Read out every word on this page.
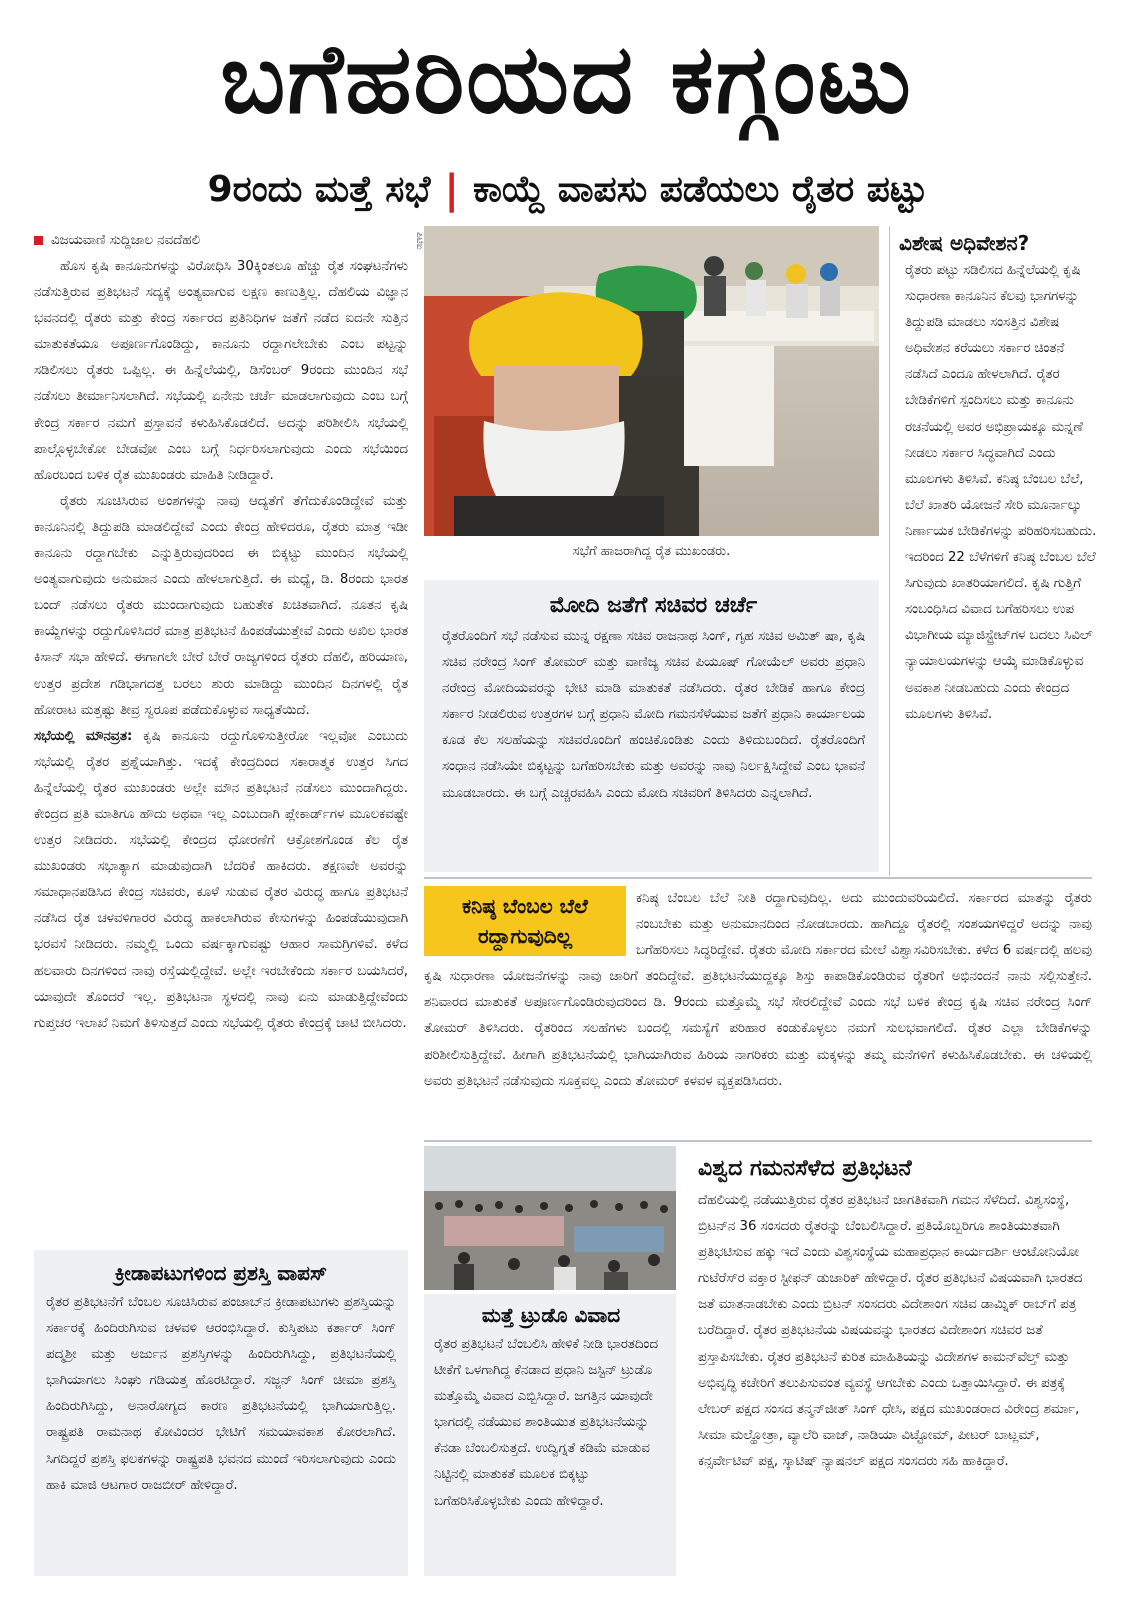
ಬಗೆಹರಿಯದ ಕಗ್ಗಂಟು
9ರಂದು ಮತ್ತೆ ಸಭೆ | ಕಾಯ್ದೆ ವಾಪಸು ಪಡೆಯಲು ರೈತರ ಪಟ್ಟು
ವಿಜಯವಾಣಿ ಸುದ್ದಿಜಾಲ ನವದೆಹಲಿ

ಹೊಸ ಕೃಷಿ ಕಾನೂನುಗಳನ್ನು ವಿರೋಧಿಸಿ 30ಕ್ಕಿಂತಲೂ ಹೆಚ್ಚು ರೈತ ಸಂಘಟನೆಗಳು ನಡೆಸುತ್ತಿರುವ ಪ್ರತಿಭಟನೆ ಸದ್ಯಕ್ಕೆ ಅಂತ್ಯವಾಗುವ ಲಕ್ಷಣ ಕಾಣುತ್ತಿಲ್ಲ. ದೆಹಲಿಯ ವಿಜ್ಞಾನ ಭವನದಲ್ಲಿ ರೈತರು ಮತ್ತು ಕೇಂದ್ರ ಸರ್ಕಾರದ ಪ್ರತಿನಿಧಿಗಳ ಜತೆಗೆ ನಡೆದ ಐದನೇ ಸುತ್ತಿನ ಮಾತುಕತೆಯೂ ಅಪೂರ್ಣಗೊಂಡಿದ್ದು, ಕಾನೂನು ರದ್ದಾಗಲೇಬೇಕು ಎಂಬ ಪಟ್ಟನ್ನು ಸಡಿಲಿಸಲು ರೈತರು ಒಪ್ಪಿಲ್ಲ. ಈ ಹಿನ್ನೆಲೆಯಲ್ಲಿ, ಡಿಸೆಂಬರ್ 9ರಂದು ಮುಂದಿನ ಸಭೆ ನಡೆಸಲು ತೀರ್ಮಾನಿಸಲಾಗಿದೆ. ಸಭೆಯಲ್ಲಿ ಏನೇನು ಚರ್ಚೆ ಮಾಡಲಾಗುವುದು ಎಂಬ ಬಗ್ಗೆ ಕೇಂದ್ರ ಸರ್ಕಾರ ನಮಗೆ ಪ್ರಸ್ತಾವನೆ ಕಳುಹಿಸಿಕೊಡಲಿದೆ. ಅದನ್ನು ಪರಿಶೀಲಿಸಿ ಸಭೆಯಲ್ಲಿ ಪಾಲ್ಗೊಳ್ಳಬೇಕೋ ಬೇಡವೋ ಎಂಬ ಬಗ್ಗೆ ನಿರ್ಧರಿಸಲಾಗುವುದು ಎಂದು ಸಭೆಯಿಂದ ಹೊರಬಂದ ಬಳಿಕ ರೈತ ಮುಖಂಡರು ಮಾಹಿತಿ ನೀಡಿದ್ದಾರೆ.

ರೈತರು ಸೂಚಿಸಿರುವ ಅಂಶಗಳನ್ನು ನಾವು ಆದ್ಯತೆಗೆ ತೆಗೆದುಕೊಂಡಿದ್ದೇವೆ ಮತ್ತು ಕಾನೂನಿನಲ್ಲಿ ತಿದ್ದುಪಡಿ ಮಾಡಲಿದ್ದೇವೆ ಎಂದು ಕೇಂದ್ರ ಹೇಳಿದರೂ, ರೈತರು ಮಾತ್ರ ಇಡೀ ಕಾನೂನು ರದ್ದಾಗಬೇಕು ಎನ್ನುತ್ತಿರುವುದರಿಂದ ಈ ಬಿಕ್ಕಟ್ಟು ಮುಂದಿನ ಸಭೆಯಲ್ಲಿ ಅಂತ್ಯವಾಗುವುದು ಅನುಮಾನ ಎಂದು ಹೇಳಲಾಗುತ್ತಿದೆ. ಈ ಮಧ್ಯೆ, ಡಿ. 8ರಂದು ಭಾರತ ಬಂದ್ ನಡೆಸಲು ರೈತರು ಮುಂದಾಗುವುದು ಬಹುತೇಕ ಖಚಿತವಾಗಿದೆ. ನೂತನ ಕೃಷಿ ಕಾಯ್ದೆಗಳನ್ನು ರದ್ದುಗೊಳಿಸಿದರೆ ಮಾತ್ರ ಪ್ರತಿಭಟನೆ ಹಿಂಪಡೆಯುತ್ತೇವೆ ಎಂದು ಅಖಿಲ ಭಾರತ ಕಿಸಾನ್ ಸಭಾ ಹೇಳಿದೆ. ಈಗಾಗಲೇ ಬೇರೆ ಬೇರೆ ರಾಜ್ಯಗಳಿಂದ ರೈತರು ದೆಹಲಿ, ಹರಿಯಾಣ, ಉತ್ತರ ಪ್ರದೇಶ ಗಡಿಭಾಗದತ್ತ ಬರಲು ಶುರು ಮಾಡಿದ್ದು ಮುಂದಿನ ದಿನಗಳಲ್ಲಿ ರೈತ ಹೋರಾಟ ಮತ್ತಷ್ಟು ತೀವ್ರ ಸ್ವರೂಪ ಪಡೆದುಕೊಳ್ಳುವ ಸಾಧ್ಯತೆಯಿದೆ.

ಸಭೆಯಲ್ಲಿ ಮೌನವ್ರತ: ಕೃಷಿ ಕಾನೂನು ರದ್ದುಗೊಳಿಸುತ್ತೀರೋ ಇಲ್ಲವೋ ಎಂಬುದು ಸಭೆಯಲ್ಲಿ ರೈತರ ಪ್ರಶ್ನೆಯಾಗಿತ್ತು. ಇದಕ್ಕೆ ಕೇಂದ್ರದಿಂದ ಸಕಾರಾತ್ಮಕ ಉತ್ತರ ಸಿಗದ ಹಿನ್ನೆಲೆಯಲ್ಲಿ ರೈತರ ಮುಖಂಡರು ಅಲ್ಲೇ ಮೌನ ಪ್ರತಿಭಟನೆ ನಡೆಸಲು ಮುಂದಾಗಿದ್ದರು. ಕೇಂದ್ರದ ಪ್ರತಿ ಮಾತಿಗೂ ಹೌದು ಅಥವಾ ಇಲ್ಲ ಎಂಬುದಾಗಿ ಪ್ಲೇಕಾರ್ಡ್‌ಗಳ ಮೂಲಕವಷ್ಟೇ ಉತ್ತರ ನೀಡಿದರು. ಸಭೆಯಲ್ಲಿ ಕೇಂದ್ರದ ಧೋರಣೆಗೆ ಆಕ್ರೋಶಗೊಂಡ ಕೆಲ ರೈತ ಮುಖಂಡರು ಸಭಾತ್ಯಾಗ ಮಾಡುವುದಾಗಿ ಬೆದರಿಕೆ ಹಾಕಿದರು. ತಕ್ಷಣವೇ ಅವರನ್ನು ಸಮಾಧಾನಪಡಿಸಿದ ಕೇಂದ್ರ ಸಚಿವರು, ಕೂಳೆ ಸುಡುವ ರೈತರ ವಿರುದ್ಧ ಹಾಗೂ ಪ್ರತಿಭಟನೆ ನಡೆಸಿದ ರೈತ ಚಳವಳಿಗಾರರ ವಿರುದ್ಧ ಹಾಕಲಾಗಿರುವ ಕೇಸುಗಳನ್ನು ಹಿಂಪಡೆಯುವುದಾಗಿ ಭರವಸೆ ನೀಡಿದರು. ನಮ್ಮಲ್ಲಿ ಒಂದು ವರ್ಷಕ್ಕಾಗುವಷ್ಟು ಆಹಾರ ಸಾಮಗ್ರಿಗಳಿವೆ. ಕಳೆದ ಹಲವಾರು ದಿನಗಳಿಂದ ನಾವು ರಸ್ತೆಯಲ್ಲಿದ್ದೇವೆ. ಅಲ್ಲೇ ಇರಬೇಕೆಂದು ಸರ್ಕಾರ ಬಯಸಿದರೆ, ಯಾವುದೇ ತೊಂದರೆ ಇಲ್ಲ. ಪ್ರತಿಭಟನಾ ಸ್ಥಳದಲ್ಲಿ ನಾವು ಏನು ಮಾಡುತ್ತಿದ್ದೇವೆಂದು ಗುಪ್ತಚರ ಇಲಾಖೆ ನಿಮಗೆ ತಿಳಿಸುತ್ತದೆ ಎಂದು ಸಭೆಯಲ್ಲಿ ರೈತರು ಕೇಂದ್ರಕ್ಕೆ ಚಾಟಿ ಬೀಸಿದರು.

ಪಿಟಿಐ
ಸಭೆಗೆ ಹಾಜರಾಗಿದ್ದ ರೈತ ಮುಖಂಡರು.
ಮೋದಿ ಜತೆಗೆ ಸಚಿವರ ಚರ್ಚೆ

ರೈತರೊಂದಿಗೆ ಸಭೆ ನಡೆಸುವ ಮುನ್ನ ರಕ್ಷಣಾ ಸಚಿವ ರಾಜನಾಥ ಸಿಂಗ್, ಗೃಹ ಸಚಿವ ಅಮಿತ್ ಷಾ, ಕೃಷಿ ಸಚಿವ ನರೇಂದ್ರ ಸಿಂಗ್ ತೋಮರ್ ಮತ್ತು ವಾಣಿಜ್ಯ ಸಚಿವ ಪಿಯೂಷ್ ಗೋಯೆಲ್ ಅವರು ಪ್ರಧಾನಿ ನರೇಂದ್ರ ಮೋದಿಯವರನ್ನು ಭೇಟಿ ಮಾಡಿ ಮಾತುಕತೆ ನಡೆಸಿದರು. ರೈತರ ಬೇಡಿಕೆ ಹಾಗೂ ಕೇಂದ್ರ ಸರ್ಕಾರ ನೀಡಲಿರುವ ಉತ್ತರಗಳ ಬಗ್ಗೆ ಪ್ರಧಾನಿ ಮೋದಿ ಗಮನಸೆಳೆಯುವ ಜತೆಗೆ ಪ್ರಧಾನಿ ಕಾರ್ಯಾಲಯ ಕೂಡ ಕೆಲ ಸಲಹೆಯನ್ನು ಸಚಿವರೊಂದಿಗೆ ಹಂಚಿಕೊಂಡಿತು ಎಂದು ತಿಳಿದುಬಂದಿದೆ. ರೈತರೊಂದಿಗೆ ಸಂಧಾನ ನಡೆಸಿಯೇ ಬಿಕ್ಕಟ್ಟನ್ನು ಬಗೆಹರಿಸಬೇಕು ಮತ್ತು ಅವರನ್ನು ನಾವು ನಿರ್ಲಕ್ಷಿಸಿದ್ದೇವೆ ಎಂಬ ಭಾವನೆ ಮೂಡಬಾರದು. ಈ ಬಗ್ಗೆ ಎಚ್ಚರವಹಿಸಿ ಎಂದು ಮೋದಿ ಸಚಿವರಿಗೆ ತಿಳಿಸಿದರು ಎನ್ನಲಾಗಿದೆ.

ವಿಶೇಷ ಅಧಿವೇಶನ?

ರೈತರು ಪಟ್ಟು ಸಡಿಲಿಸದ ಹಿನ್ನೆಲೆಯಲ್ಲಿ ಕೃಷಿ ಸುಧಾರಣಾ ಕಾನೂನಿನ ಕೆಲವು ಭಾಗಗಳನ್ನು ತಿದ್ದುಪಡಿ ಮಾಡಲು ಸಂಸತ್ತಿನ ವಿಶೇಷ ಅಧಿವೇಶನ ಕರೆಯಲು ಸರ್ಕಾರ ಚಿಂತನೆ ನಡೆಸಿದೆ ಎಂದೂ ಹೇಳಲಾಗಿದೆ. ರೈತರ ಬೇಡಿಕೆಗಳಿಗೆ ಸ್ಪಂದಿಸಲು ಮತ್ತು ಕಾನೂನು ರಚನೆಯಲ್ಲಿ ಅವರ ಅಭಿಪ್ರಾಯಕ್ಕೂ ಮನ್ನಣೆ ನೀಡಲು ಸರ್ಕಾರ ಸಿದ್ಧವಾಗಿದೆ ಎಂದು ಮೂಲಗಳು ತಿಳಿಸಿವೆ. ಕನಿಷ್ಠ ಬೆಂಬಲ ಬೆಲೆ, ಬೆಲೆ ಖಾತರಿ ಯೋಜನೆ ಸೇರಿ ಮೂರ್ನಾಲ್ಕು ನಿರ್ಣಾಯಕ ಬೇಡಿಕೆಗಳನ್ನು ಪರಿಹರಿಸಬಹುದು. ಇದರಿಂದ 22 ಬೆಳೆಗಳಿಗೆ ಕನಿಷ್ಠ ಬೆಂಬಲ ಬೆಲೆ ಸಿಗುವುದು ಖಾತರಿಯಾಗಲಿದೆ. ಕೃಷಿ ಗುತ್ತಿಗೆ ಸಂಬಂಧಿಸಿದ ವಿವಾದ ಬಗೆಹರಿಸಲು ಉಪ ವಿಭಾಗೀಯ ಮ್ಯಾಜಿಸ್ಟ್ರೇಟ್‌ಗಳ ಬದಲು ಸಿವಿಲ್ ನ್ಯಾಯಾಲಯಗಳನ್ನು ಆಯ್ಕೆ ಮಾಡಿಕೊಳ್ಳುವ ಅವಕಾಶ ನೀಡಬಹುದು ಎಂದು ಕೇಂದ್ರದ ಮೂಲಗಳು ತಿಳಿಸಿವೆ.

ಕನಿಷ್ಠ ಬೆಂಬಲ ಬೆಲೆ
ರದ್ದಾಗುವುದಿಲ್ಲ

ಕನಿಷ್ಠ ಬೆಂಬಲ ಬೆಲೆ ನೀತಿ ರದ್ದಾಗುವುದಿಲ್ಲ. ಅದು ಮುಂದುವರಿಯಲಿದೆ. ಸರ್ಕಾರದ ಮಾತನ್ನು ರೈತರು ನಂಬಬೇಕು ಮತ್ತು ಅನುಮಾನದಿಂದ ನೋಡಬಾರದು. ಹಾಗಿದ್ದೂ ರೈತರಲ್ಲಿ ಸಂಶಯಗಳಿದ್ದರೆ ಅದನ್ನು ನಾವು ಬಗೆಹರಿಸಲು ಸಿದ್ಧರಿದ್ದೇವೆ. ರೈತರು ಮೋದಿ ಸರ್ಕಾರದ ಮೇಲೆ ವಿಶ್ವಾಸವಿರಿಸಬೇಕು. ಕಳೆದ 6 ವರ್ಷದಲ್ಲಿ ಹಲವು ಕೃಷಿ ಸುಧಾರಣಾ ಯೋಜನೆಗಳನ್ನು ನಾವು ಜಾರಿಗೆ ತಂದಿದ್ದೇವೆ. ಪ್ರತಿಭಟನೆಯುದ್ದಕ್ಕೂ ಶಿಸ್ತು ಕಾಪಾಡಿಕೊಂಡಿರುವ ರೈತರಿಗೆ ಅಭಿನಂದನೆ ನಾನು ಸಲ್ಲಿಸುತ್ತೇನೆ. ಶನಿವಾರದ ಮಾತುಕತೆ ಅಪೂರ್ಣಗೊಂಡಿರುವುದರಿಂದ ಡಿ. 9ರಂದು ಮತ್ತೊಮ್ಮೆ ಸಭೆ ಸೇರಲಿದ್ದೇವೆ ಎಂದು ಸಭೆ ಬಳಿಕ ಕೇಂದ್ರ ಕೃಷಿ ಸಚಿವ ನರೇಂದ್ರ ಸಿಂಗ್ ತೋಮರ್ ತಿಳಿಸಿದರು. ರೈತರಿಂದ ಸಲಹೆಗಳು ಬಂದಲ್ಲಿ ಸಮಸ್ಯೆಗೆ ಪರಿಹಾರ ಕಂಡುಕೊಳ್ಳಲು ನಮಗೆ ಸುಲಭವಾಗಲಿದೆ. ರೈತರ ಎಲ್ಲಾ ಬೇಡಿಕೆಗಳನ್ನು ಪರಿಶೀಲಿಸುತ್ತಿದ್ದೇವೆ. ಹೀಗಾಗಿ ಪ್ರತಿಭಟನೆಯಲ್ಲಿ ಭಾಗಿಯಾಗಿರುವ ಹಿರಿಯ ನಾಗರಿಕರು ಮತ್ತು ಮಕ್ಕಳನ್ನು ತಮ್ಮ ಮನೆಗಳಿಗೆ ಕಳುಹಿಸಿಕೊಡಬೇಕು. ಈ ಚಳಿಯಲ್ಲಿ ಅವರು ಪ್ರತಿಭಟನೆ ನಡೆಸುವುದು ಸೂಕ್ತವಲ್ಲ ಎಂದು ತೋಮರ್ ಕಳವಳ ವ್ಯಕ್ತಪಡಿಸಿದರು.

ಕ್ರೀಡಾಪಟುಗಳಿಂದ ಪ್ರಶಸ್ತಿ ವಾಪಸ್

ರೈತರ ಪ್ರತಿಭಟನೆಗೆ ಬೆಂಬಲ ಸೂಚಿಸಿರುವ ಪಂಜಾಬ್‌ನ ಕ್ರೀಡಾಪಟುಗಳು ಪ್ರಶಸ್ತಿಯನ್ನು ಸರ್ಕಾರಕ್ಕೆ ಹಿಂದಿರುಗಿಸುವ ಚಳವಳಿ ಆರಂಭಿಸಿದ್ದಾರೆ. ಕುಸ್ತಿಪಟು ಕರ್ತಾರ್ ಸಿಂಗ್ ಪದ್ಮಶ್ರೀ ಮತ್ತು ಅರ್ಜುನ ಪ್ರಶಸ್ತಿಗಳನ್ನು ಹಿಂದಿರುಗಿಸಿದ್ದು, ಪ್ರತಿಭಟನೆಯಲ್ಲಿ ಭಾಗಿಯಾಗಲು ಸಿಂಘು ಗಡಿಯತ್ತ ಹೊರಟಿದ್ದಾರೆ. ಸಜ್ಜನ್ ಸಿಂಗ್ ಚೀಮಾ ಪ್ರಶಸ್ತಿ ಹಿಂದಿರುಗಿಸಿದ್ದು, ಅನಾರೋಗ್ಯದ ಕಾರಣ ಪ್ರತಿಭಟನೆಯಲ್ಲಿ ಭಾಗಿಯಾಗುತ್ತಿಲ್ಲ. ರಾಷ್ಟ್ರಪತಿ ರಾಮನಾಥ ಕೋವಿಂದರ ಭೇಟಿಗೆ ಸಮಯಾವಕಾಶ ಕೋರಲಾಗಿದೆ. ಸಿಗದಿದ್ದರೆ ಪ್ರಶಸ್ತಿ ಫಲಕಗಳನ್ನು ರಾಷ್ಟ್ರಪತಿ ಭವನದ ಮುಂದೆ ಇರಿಸಲಾಗುವುದು ಎಂದು ಹಾಕಿ ಮಾಜಿ ಆಟಗಾರ ರಾಜಬೀರ್ ಹೇಳಿದ್ದಾರೆ.

ಮತ್ತೆ ಟ್ರುಡೊ ವಿವಾದ

ರೈತರ ಪ್ರತಿಭಟನೆ ಬೆಂಬಲಿಸಿ ಹೇಳಿಕೆ ನೀಡಿ ಭಾರತದಿಂದ ಟೀಕೆಗೆ ಒಳಗಾಗಿದ್ದ ಕೆನಡಾದ ಪ್ರಧಾನಿ ಜಸ್ಟಿನ್ ಟ್ರುಡೊ ಮತ್ತೊಮ್ಮೆ ವಿವಾದ ಎಬ್ಬಿಸಿದ್ದಾರೆ. ಜಗತ್ತಿನ ಯಾವುದೇ ಭಾಗದಲ್ಲಿ ನಡೆಯುವ ಶಾಂತಿಯುತ ಪ್ರತಿಭಟನೆಯನ್ನು ಕೆನಡಾ ಬೆಂಬಲಿಸುತ್ತದೆ. ಉದ್ವಿಗ್ನತೆ ಕಡಿಮೆ ಮಾಡುವ ನಿಟ್ಟಿನಲ್ಲಿ ಮಾತುಕತೆ ಮೂಲಕ ಬಿಕ್ಕಟ್ಟು ಬಗೆಹರಿಸಿಕೊಳ್ಳಬೇಕು ಎಂದು ಹೇಳಿದ್ದಾರೆ.

ವಿಶ್ವದ ಗಮನಸೆಳೆದ ಪ್ರತಿಭಟನೆ

ದೆಹಲಿಯಲ್ಲಿ ನಡೆಯುತ್ತಿರುವ ರೈತರ ಪ್ರತಿಭಟನೆ ಜಾಗತಿಕವಾಗಿ ಗಮನ ಸೆಳೆದಿದೆ. ವಿಶ್ವಸಂಸ್ಥೆ, ಬ್ರಿಟನ್‌ನ 36 ಸಂಸದರು ರೈತರನ್ನು ಬೆಂಬಲಿಸಿದ್ದಾರೆ. ಪ್ರತಿಯೊಬ್ಬರಿಗೂ ಶಾಂತಿಯುತವಾಗಿ ಪ್ರತಿಭಟಿಸುವ ಹಕ್ಕು ಇದೆ ಎಂದು ವಿಶ್ವಸಂಸ್ಥೆಯ ಮಹಾಪ್ರಧಾನ ಕಾರ್ಯದರ್ಶಿ ಆಂಟೋನಿಯೋ ಗುಟೆರೆಸ್‌ರ ವಕ್ತಾರ ಸ್ಟೀಫನ್ ಡುಜಾರಿಕ್ ಹೇಳಿದ್ದಾರೆ. ರೈತರ ಪ್ರತಿಭಟನೆ ವಿಷಯವಾಗಿ ಭಾರತದ ಜತೆ ಮಾತನಾಡಬೇಕು ಎಂದು ಬ್ರಿಟನ್ ಸಂಸದರು ವಿದೇಶಾಂಗ ಸಚಿವ ಡಾಮ್ನಿಕ್ ರಾಬ್‌ಗೆ ಪತ್ರ ಬರೆದಿದ್ದಾರೆ. ರೈತರ ಪ್ರತಿಭಟನೆಯ ವಿಷಯವನ್ನು ಭಾರತದ ವಿದೇಶಾಂಗ ಸಚಿವರ ಜತೆ ಪ್ರಸ್ತಾಪಿಸಬೇಕು. ರೈತರ ಪ್ರತಿಭಟನೆ ಕುರಿತ ಮಾಹಿತಿಯನ್ನು ವಿದೇಶಗಳ ಕಾಮನ್‌ವೆಲ್ತ್ ಮತ್ತು ಅಭಿವೃದ್ಧಿ ಕಚೇರಿಗೆ ತಲುಪಿಸುವಂತ ವ್ಯವಸ್ಥೆ ಆಗಬೇಕು ಎಂದು ಒತ್ತಾಯಿಸಿದ್ದಾರೆ. ಈ ಪತ್ರಕ್ಕೆ ಲೇಬರ್ ಪಕ್ಷದ ಸಂಸದ ತನ್ಮನ್‌ಜೀತ್ ಸಿಂಗ್ ಧೇಸಿ, ಪಕ್ಷದ ಮುಖಂಡರಾದ ವಿರೇಂದ್ರ ಶರ್ಮಾ, ಸೀಮಾ ಮಲ್ಹೋತ್ರಾ, ವ್ಯಾಲೆರಿ ವಾಜ್, ನಾಡಿಯಾ ವಿಟ್ಟೋಮ್, ಪೀಟರ್ ಬಾಟ್ಲಮ್, ಕನ್ಸರ್ವೇಟಿವ್ ಪಕ್ಷ, ಸ್ಕಾಟಿಷ್ ನ್ಯಾಷನಲ್ ಪಕ್ಷದ ಸಂಸದರು ಸಹಿ ಹಾಕಿದ್ದಾರೆ.
